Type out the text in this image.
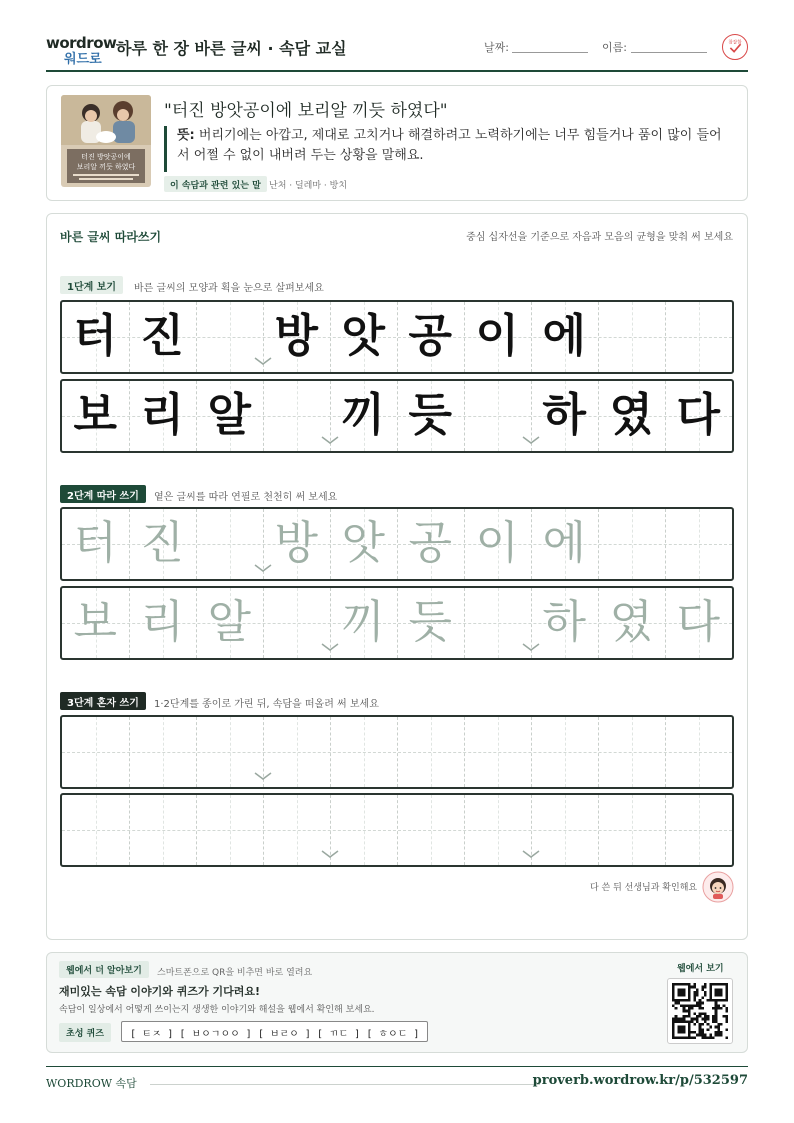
wordrow
워드로
하루 한 장 바른 글씨 · 속담 교실	날짜:	이름:	참잘함
터진 방앗공이에
보리알 끼듯 하였다
"터진 방앗공이에 보리알 끼듯 하였다"
뜻: 버리기에는 아깝고, 제대로 고치거나 해결하려고 노력하기에는 너무 힘들거나 품이 많이 들어서 어쩔 수 없이 내버려 두는 상황을 말해요.
이 속담과 관련 있는 말 난처 · 딜레마 · 방치
바른 글씨 따라쓰기	중심 십자선을 기준으로 자음과 모음의 균형을 맞춰 써 보세요
1단계 보기	바른 글씨의 모양과 획을 눈으로 살펴보세요
터 진 방 앗 공 이 에
보 리 알 끼 듯 하 였 다
2단계 따라 쓰기	옅은 글씨를 따라 연필로 천천히 써 보세요
터 진 방 앗 공 이 에
보 리 알 끼 듯 하 였 다
3단계 혼자 쓰기	1·2단계를 종이로 가린 뒤, 속담을 떠올려 써 보세요
다 쓴 뒤 선생님과 확인해요
웹에서 더 알아보기	스마트폰으로 QR을 비추면 바로 열려요
재미있는 속담 이야기와 퀴즈가 기다려요!
속담이 일상에서 어떻게 쓰이는지 생생한 이야기와 해설을 웹에서 확인해 보세요.
초성 퀴즈	[ ㅌㅈ ] [ ㅂㅇㄱㅇㅇ ] [ ㅂㄹㅇ ] [ ㄲㄷ ] [ ㅎㅇㄷ ]
웹에서 보기
WORDROW 속담	proverb.wordrow.kr/p/532597
